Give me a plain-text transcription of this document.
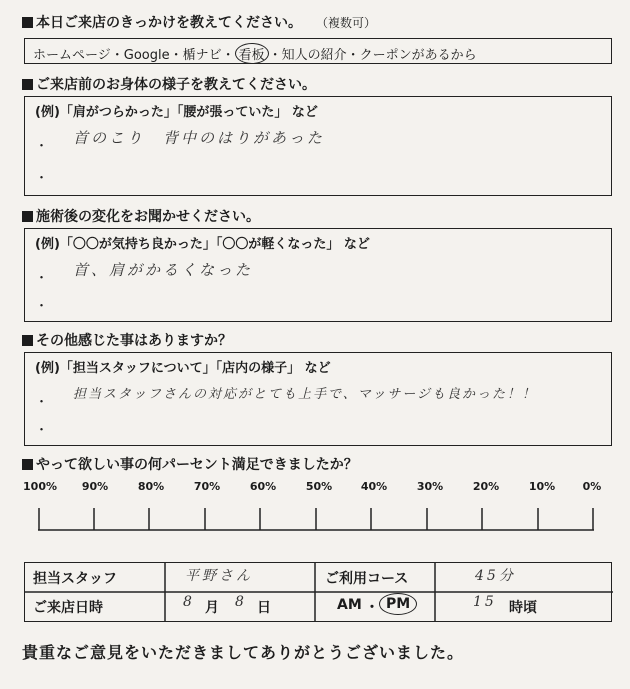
本日ご来店のきっかけを教えてください。 （複数可）
ホームページ・Google・楯ナビ・ 看板 ・知人の紹介・クーポンがあるから
ご来店前のお身体の様子を教えてください。
(例)「肩がつらかった」「腰が張っていた」 など
・ 首のこり　背中のはりがあった
・
施術後の変化をお聞かせください。
(例)「〇〇が気持ち良かった」「〇〇が軽くなった」 など
・ 首、肩がかるくなった
・
その他感じた事はありますか？
(例)「担当スタッフについて」「店内の様子」 など
・
担当スタッフさんの対応がとても上手で、マッサージも良かった！！
・
やって欲しい事の何パーセント満足できましたか？
100% 90%	80%	70%	60%	50%	40%	30%	20%	10% 0%
担当スタッフ	平野さん	ご利用コース	45分
ご来店日時	8 月 8 日	AM ・ PM	15 時頃
貴重なご意見をいただきましてありがとうございました。
